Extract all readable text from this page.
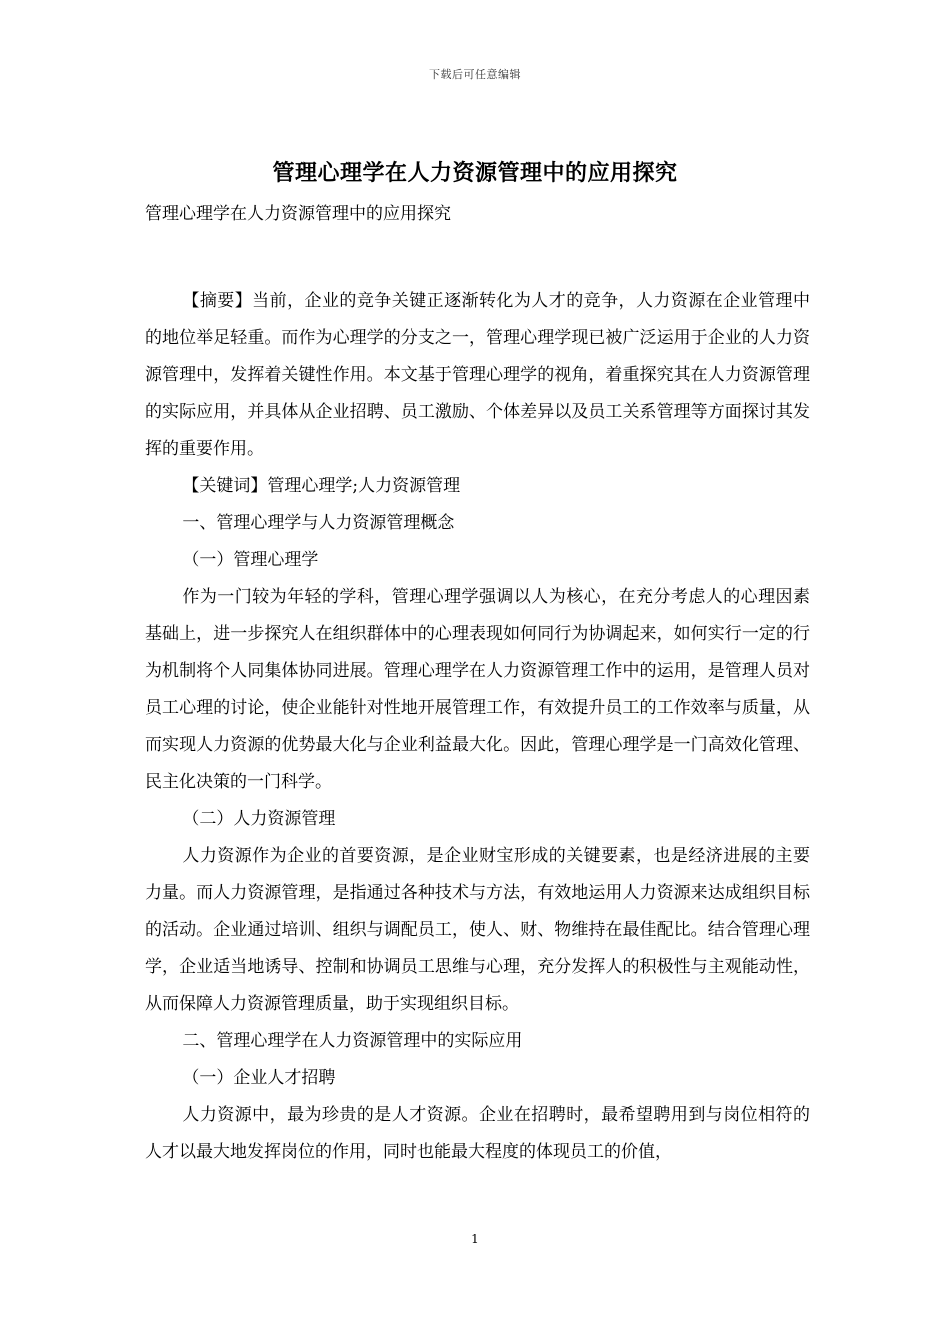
下载后可任意编辑
管理心理学在人力资源管理中的应用探究

管理心理学在人力资源管理中的应用探究

【摘要】当前，企业的竞争关键正逐渐转化为人才的竞争，人力资源在企业管理中的地位举足轻重。而作为心理学的分支之一，管理心理学现已被广泛运用于企业的人力资源管理中，发挥着关键性作用。本文基于管理心理学的视角，着重探究其在人力资源管理的实际应用，并具体从企业招聘、员工激励、个体差异以及员工关系管理等方面探讨其发挥的重要作用。

【关键词】管理心理学;人力资源管理

一、管理心理学与人力资源管理概念

（一）管理心理学

作为一门较为年轻的学科，管理心理学强调以人为核心，在充分考虑人的心理因素基础上，进一步探究人在组织群体中的心理表现如何同行为协调起来，如何实行一定的行为机制将个人同集体协同进展。管理心理学在人力资源管理工作中的运用，是管理人员对员工心理的讨论，使企业能针对性地开展管理工作，有效提升员工的工作效率与质量，从而实现人力资源的优势最大化与企业利益最大化。因此，管理心理学是一门高效化管理、民主化决策的一门科学。

（二）人力资源管理

人力资源作为企业的首要资源，是企业财宝形成的关键要素，也是经济进展的主要力量。而人力资源管理，是指通过各种技术与方法，有效地运用人力资源来达成组织目标的活动。企业通过培训、组织与调配员工，使人、财、物维持在最佳配比。结合管理心理学，企业适当地诱导、控制和协调员工思维与心理，充分发挥人的积极性与主观能动性，从而保障人力资源管理质量，助于实现组织目标。

二、管理心理学在人力资源管理中的实际应用

（一）企业人才招聘

人力资源中，最为珍贵的是人才资源。企业在招聘时，最希望聘用到与岗位相符的人才以最大地发挥岗位的作用，同时也能最大程度的体现员工的价值，

1
